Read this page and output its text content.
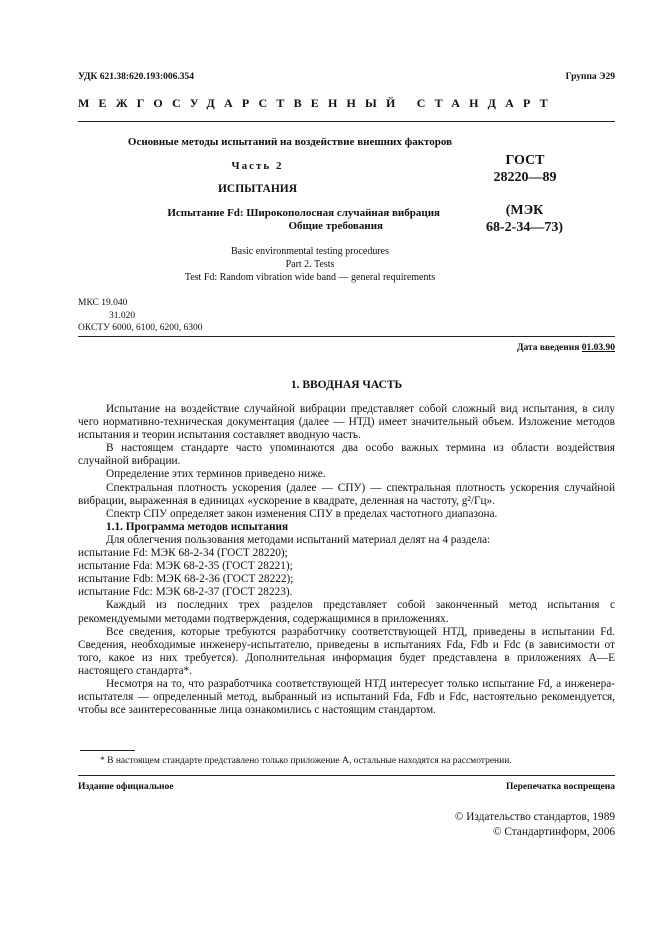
УДК 621.38:620.193:006.354	Группа Э29
МЕЖГОСУДАРСТВЕННЫЙ СТАНДАРТ
Основные методы испытаний на воздействие внешних факторов
Часть 2
ИСПЫТАНИЯ
Испытание Fd: Широкополосная случайная вибрация
Общие требования
ГОСТ
28220—89
(МЭК
68-2-34—73)
Basic environmental testing procedures
Part 2. Tests
Test Fd: Random vibration wide band — general requirements
МКС 19.040
31.020
ОКСТУ 6000, 6100, 6200, 6300
Дата введения 01.03.90
1. ВВОДНАЯ ЧАСТЬ

Испытание на воздействие случайной вибрации представляет собой сложный вид испытания, в силу чего нормативно-техническая документация (далее — НТД) имеет значительный объем. Изложение методов испытания и теории испытания составляет вводную часть.

В настоящем стандарте часто упоминаются два особо важных термина из области воздействия случайной вибрации.

Определение этих терминов приведено ниже.

Спектральная плотность ускорения (далее — СПУ) — спектральная плотность ускорения случайной вибрации, выраженная в единицах «ускорение в квадрате, деленная на частоту, g²/Гц».

Спектр СПУ определяет закон изменения СПУ в пределах частотного диапазона.

1.1. Программа методов испытания

Для облегчения пользования методами испытаний материал делят на 4 раздела:

испытание Fd: МЭК 68-2-34 (ГОСТ 28220);

испытание Fda: МЭК 68-2-35 (ГОСТ 28221);

испытание Fdb: МЭК 68-2-36 (ГОСТ 28222);

испытание Fdc: МЭК 68-2-37 (ГОСТ 28223).

Каждый из последних трех разделов представляет собой законченный метод испытания с рекомендуемыми методами подтверждения, содержащимися в приложениях.

Все сведения, которые требуются разработчику соответствующей НТД, приведены в испытании Fd. Сведения, необходимые инженеру-испытателю, приведены в испытаниях Fda, Fdb и Fdc (в зависимости от того, какое из них требуется). Дополнительная информация будет представлена в приложениях А—Е настоящего стандарта*.

Несмотря на то, что разработчика соответствующей НТД интересует только испытание Fd, а инженера-испытателя — определенный метод, выбранный из испытаний Fda, Fdb и Fdc, настоятельно рекомендуется, чтобы все заинтересованные лица ознакомились с настоящим стандартом.

* В настоящем стандарте представлено только приложение А, остальные находятся на рассмотрении.
Издание официальное	Перепечатка воспрещена
© Издательство стандартов, 1989
© Стандартинформ, 2006
